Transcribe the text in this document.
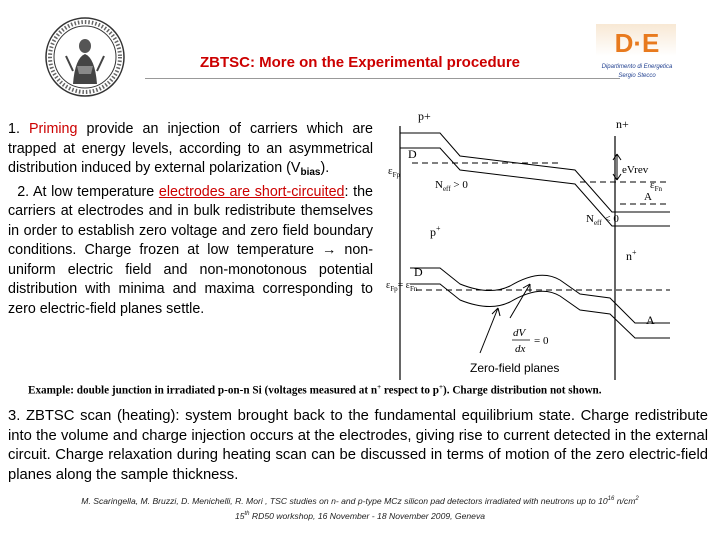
D·E
Dipartimento di Energetica
Sergio Stecco
ZBTSC: More on the Experimental procedure
1. Priming provide an injection of carriers which are trapped at energy levels, according to an asymmetrical distribution induced by external polarization $(V_{bias})$.
2. At low temperature electrodes are short-circuited: the carriers at electrodes and in bulk redistribute themselves in order to establish zero voltage and zero field boundary conditions. Charge frozen at low temperature → non-uniform electric field and non-monotonous potential distribution with minima and maxima corresponding to zero electric-field planes settle.
p+
n+
D
$\varepsilon_{Fp}$
$N_{eff} > 0$
eVrev
$\varepsilon_{Fn}$
A
$N_{eff} < 0$
p+
n+
D
$\varepsilon_{Fp}= \varepsilon_{Fn}$
A
dV
dx
= 0
Zero-field planes
Example: double junction in irradiated p-on-n Si (voltages measured at n+ respect to p+). Charge distribution not shown.
3. ZBTSC scan (heating): system brought back to the fundamental equilibrium state. Charge redistribute into the volume and charge injection occurs at the electrodes, giving rise to current detected in the external circuit. Charge relaxation during heating scan can be discussed in terms of motion of the zero electric-field planes along the sample thickness.
M. Scaringella, M. Bruzzi, D. Menichelli, R. Mori , TSC studies on n- and p-type MCz silicon pad detectors irradiated with neutrons up to $10^{16}$ $n/cm^2$
15th RD50 workshop, 16 November - 18 November 2009, Geneva
